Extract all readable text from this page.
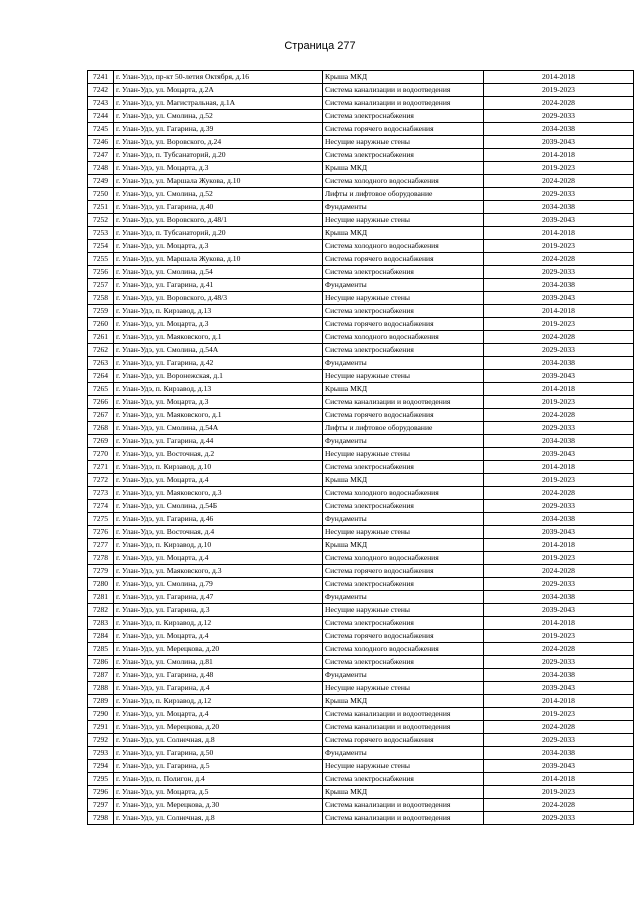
Страница 277
7241	г. Улан-Удэ, пр-кт 50-летия Октября, д.16	Крыша МКД	2014-2018
7242	г. Улан-Удэ, ул. Моцарта, д.2А	Система канализации и водоотведения	2019-2023
7243	г. Улан-Удэ, ул. Магистральная, д.1А	Система канализации и водоотведения	2024-2028
7244	г. Улан-Удэ, ул. Смолина, д.52	Система электроснабжения	2029-2033
7245	г. Улан-Удэ, ул. Гагарина, д.39	Система горячего водоснабжения	2034-2038
7246	г. Улан-Удэ, ул. Воровского, д.24	Несущие наружные стены	2039-2043
7247	г. Улан-Удэ, п. Тубсанаторий, д.20	Система электроснабжения	2014-2018
7248	г. Улан-Удэ, ул. Моцарта, д.3	Крыша МКД	2019-2023
7249	г. Улан-Удэ, ул. Маршала Жукова, д.10	Система холодного водоснабжения	2024-2028
7250	г. Улан-Удэ, ул. Смолина, д.52	Лифты и лифтовое оборудование	2029-2033
7251	г. Улан-Удэ, ул. Гагарина, д.40	Фундаменты	2034-2038
7252	г. Улан-Удэ, ул. Воровского, д.48/1	Несущие наружные стены	2039-2043
7253	г. Улан-Удэ, п. Тубсанаторий, д.20	Крыша МКД	2014-2018
7254	г. Улан-Удэ, ул. Моцарта, д.3	Система холодного водоснабжения	2019-2023
7255	г. Улан-Удэ, ул. Маршала Жукова, д.10	Система горячего водоснабжения	2024-2028
7256	г. Улан-Удэ, ул. Смолина, д.54	Система электроснабжения	2029-2033
7257	г. Улан-Удэ, ул. Гагарина, д.41	Фундаменты	2034-2038
7258	г. Улан-Удэ, ул. Воровского, д.48/3	Несущие наружные стены	2039-2043
7259	г. Улан-Удэ, п. Кирзавод, д.13	Система электроснабжения	2014-2018
7260	г. Улан-Удэ, ул. Моцарта, д.3	Система горячего водоснабжения	2019-2023
7261	г. Улан-Удэ, ул. Маяковского, д.1	Система холодного водоснабжения	2024-2028
7262	г. Улан-Удэ, ул. Смолина, д.54А	Система электроснабжения	2029-2033
7263	г. Улан-Удэ, ул. Гагарина, д.42	Фундаменты	2034-2038
7264	г. Улан-Удэ, ул. Воронежская, д.1	Несущие наружные стены	2039-2043
7265	г. Улан-Удэ, п. Кирзавод, д.13	Крыша МКД	2014-2018
7266	г. Улан-Удэ, ул. Моцарта, д.3	Система канализации и водоотведения	2019-2023
7267	г. Улан-Удэ, ул. Маяковского, д.1	Система горячего водоснабжения	2024-2028
7268	г. Улан-Удэ, ул. Смолина, д.54А	Лифты и лифтовое оборудование	2029-2033
7269	г. Улан-Удэ, ул. Гагарина, д.44	Фундаменты	2034-2038
7270	г. Улан-Удэ, ул. Восточная, д.2	Несущие наружные стены	2039-2043
7271	г. Улан-Удэ, п. Кирзавод, д.10	Система электроснабжения	2014-2018
7272	г. Улан-Удэ, ул. Моцарта, д.4	Крыша МКД	2019-2023
7273	г. Улан-Удэ, ул. Маяковского, д.3	Система холодного водоснабжения	2024-2028
7274	г. Улан-Удэ, ул. Смолина, д.54Б	Система электроснабжения	2029-2033
7275	г. Улан-Удэ, ул. Гагарина, д.46	Фундаменты	2034-2038
7276	г. Улан-Удэ, ул. Восточная, д.4	Несущие наружные стены	2039-2043
7277	г. Улан-Удэ, п. Кирзавод, д.10	Крыша МКД	2014-2018
7278	г. Улан-Удэ, ул. Моцарта, д.4	Система холодного водоснабжения	2019-2023
7279	г. Улан-Удэ, ул. Маяковского, д.3	Система горячего водоснабжения	2024-2028
7280	г. Улан-Удэ, ул. Смолина, д.79	Система электроснабжения	2029-2033
7281	г. Улан-Удэ, ул. Гагарина, д.47	Фундаменты	2034-2038
7282	г. Улан-Удэ, ул. Гагарина, д.3	Несущие наружные стены	2039-2043
7283	г. Улан-Удэ, п. Кирзавод, д.12	Система электроснабжения	2014-2018
7284	г. Улан-Удэ, ул. Моцарта, д.4	Система горячего водоснабжения	2019-2023
7285	г. Улан-Удэ, ул. Мерецкова, д.20	Система холодного водоснабжения	2024-2028
7286	г. Улан-Удэ, ул. Смолина, д.81	Система электроснабжения	2029-2033
7287	г. Улан-Удэ, ул. Гагарина, д.48	Фундаменты	2034-2038
7288	г. Улан-Удэ, ул. Гагарина, д.4	Несущие наружные стены	2039-2043
7289	г. Улан-Удэ, п. Кирзавод, д.12	Крыша МКД	2014-2018
7290	г. Улан-Удэ, ул. Моцарта, д.4	Система канализации и водоотведения	2019-2023
7291	г. Улан-Удэ, ул. Мерецкова, д.20	Система канализации и водоотведения	2024-2028
7292	г. Улан-Удэ, ул. Солнечная, д.8	Система горячего водоснабжения	2029-2033
7293	г. Улан-Удэ, ул. Гагарина, д.50	Фундаменты	2034-2038
7294	г. Улан-Удэ, ул. Гагарина, д.5	Несущие наружные стены	2039-2043
7295	г. Улан-Удэ, п. Полигон, д.4	Система электроснабжения	2014-2018
7296	г. Улан-Удэ, ул. Моцарта, д.5	Крыша МКД	2019-2023
7297	г. Улан-Удэ, ул. Мерецкова, д.30	Система канализации и водоотведения	2024-2028
7298	г. Улан-Удэ, ул. Солнечная, д.8	Система канализации и водоотведения	2029-2033
